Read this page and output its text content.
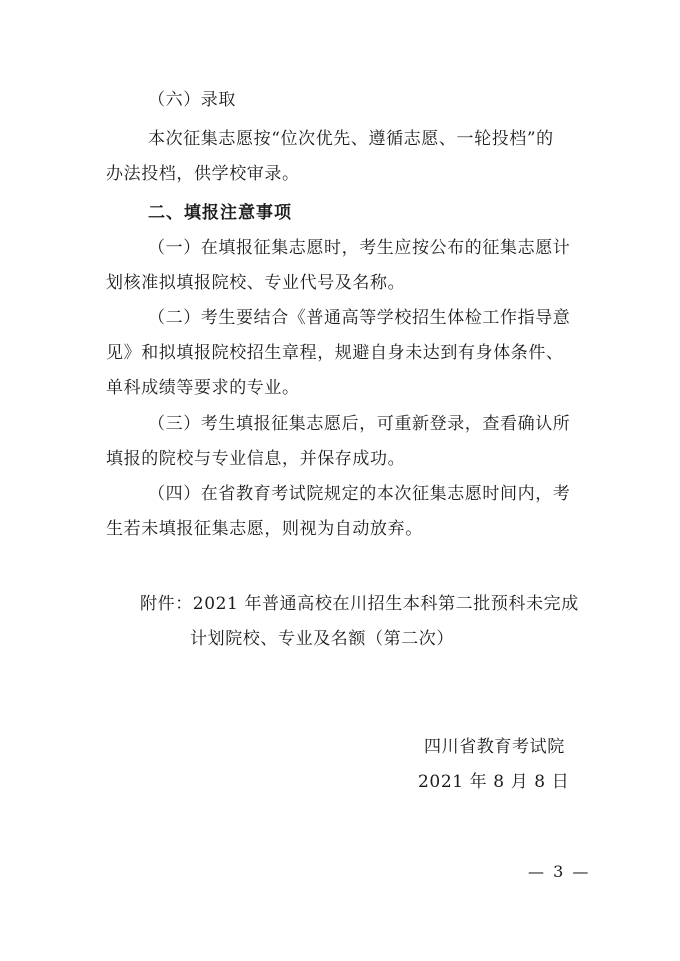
（六）录取
本次征集志愿按“位次优先、遵循志愿、一轮投档”的
办法投档，供学校审录。
二、填报注意事项
（一）在填报征集志愿时，考生应按公布的征集志愿计
划核准拟填报院校、专业代号及名称。
（二）考生要结合《普通高等学校招生体检工作指导意
见》和拟填报院校招生章程，规避自身未达到有身体条件、
单科成绩等要求的专业。
（三）考生填报征集志愿后，可重新登录，查看确认所
填报的院校与专业信息，并保存成功。
（四）在省教育考试院规定的本次征集志愿时间内，考
生若未填报征集志愿，则视为自动放弃。
附件：2021 年普通高校在川招生本科第二批预科未完成
计划院校、专业及名额（第二次）
四川省教育考试院
2021 年 8 月 8 日
— 3 —
